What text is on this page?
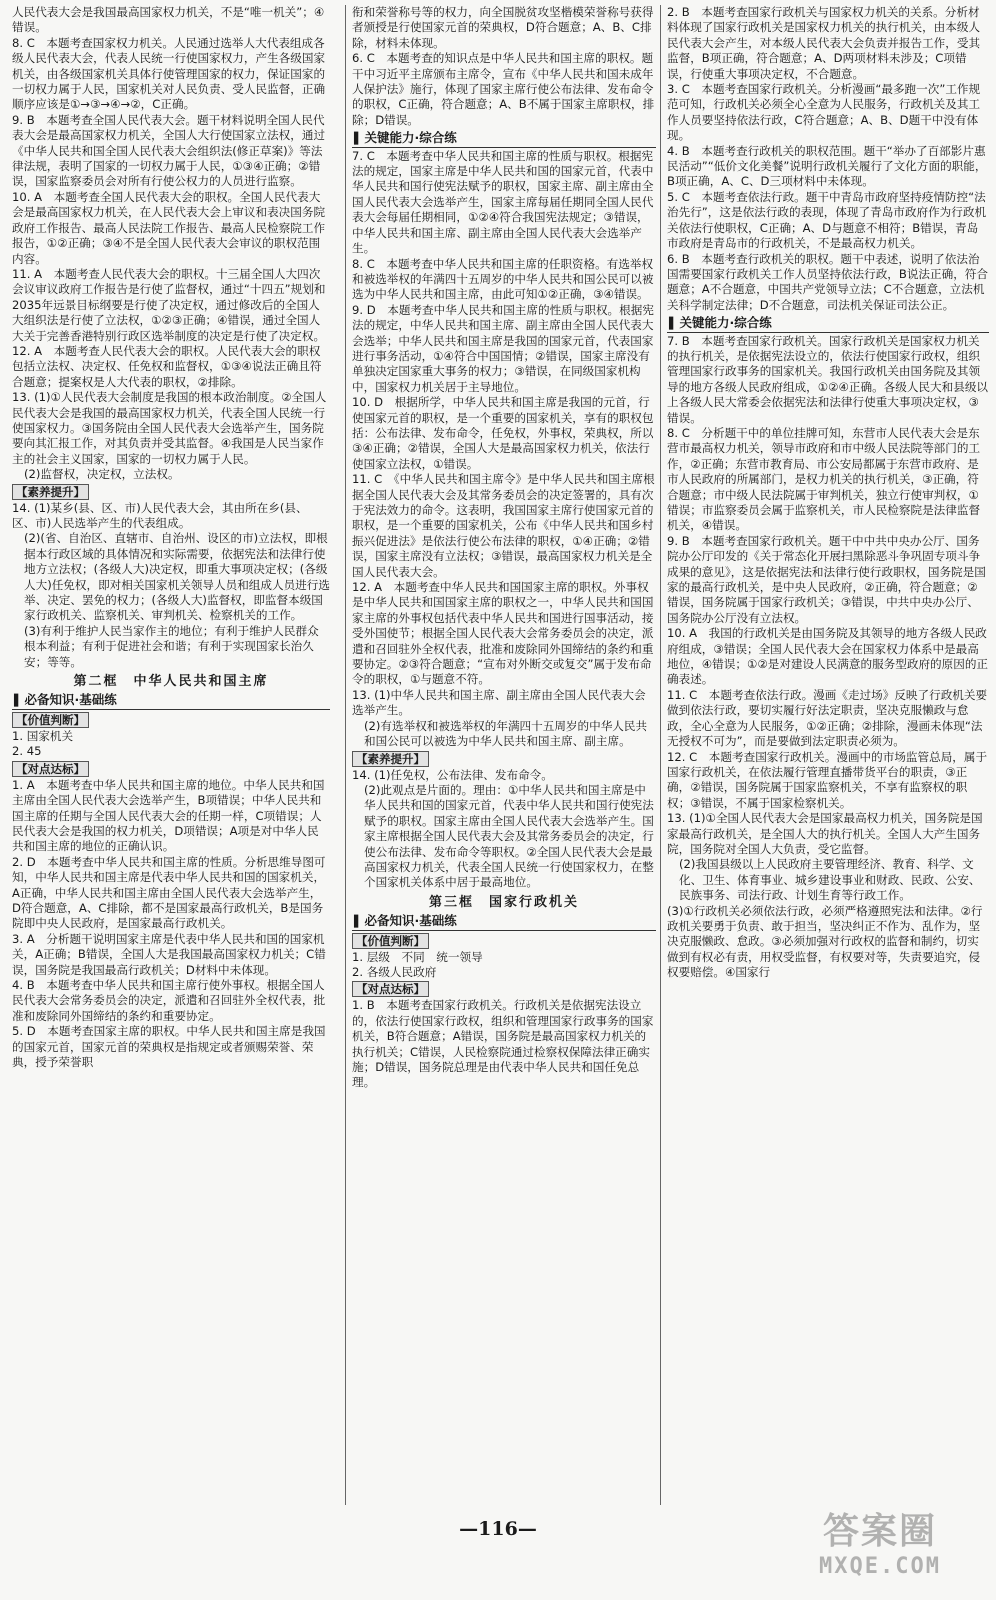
人民代表大会是我国最高国家权力机关，不是“唯一机关”；④错误。

8. C　本题考查国家权力机关。人民通过选举人大代表组成各级人民代表大会，代表人民统一行使国家权力，产生各级国家机关，由各级国家机关具体行使管理国家的权力，保证国家的一切权力属于人民，国家机关对人民负责、受人民监督，正确顺序应该是①→③→④→②，C正确。

9. B　本题考查全国人民代表大会。题干材料说明全国人民代表大会是最高国家权力机关，全国人大行使国家立法权，通过《中华人民共和国全国人民代表大会组织法(修正草案)》等法律法规，表明了国家的一切权力属于人民，①③④正确；②错误，国家监察委员会对所有行使公权力的人员进行监察。

10. A　本题考查全国人民代表大会的职权。全国人民代表大会是最高国家权力机关，在人民代表大会上审议和表决国务院政府工作报告、最高人民法院工作报告、最高人民检察院工作报告，①②正确；③④不是全国人民代表大会审议的职权范围内容。

11. A　本题考查人民代表大会的职权。十三届全国人大四次会议审议政府工作报告是行使了监督权，通过“十四五”规划和2035年远景目标纲要是行使了决定权，通过修改后的全国人大组织法是行使了立法权，①②③正确；④错误，通过全国人大关于完善香港特别行政区选举制度的决定是行使了决定权。

12. A　本题考查人民代表大会的职权。人民代表大会的职权包括立法权、决定权、任免权和监督权，①③④说法正确且符合题意；提案权是人大代表的职权，②排除。

13. (1)①人民代表大会制度是我国的根本政治制度。②全国人民代表大会是我国的最高国家权力机关，代表全国人民统一行使国家权力。③国务院由全国人民代表大会选举产生，国务院要向其汇报工作，对其负责并受其监督。④我国是人民当家作主的社会主义国家，国家的一切权力属于人民。

(2)监督权，决定权，立法权。

【素养提升】

14. (1)某乡(县、区、市)人民代表大会，其由所在乡(县、区、市)人民选举产生的代表组成。

(2)(省、自治区、直辖市、自治州、设区的市)立法权，即根据本行政区域的具体情况和实际需要，依据宪法和法律行使地方立法权；(各级人大)决定权，即重大事项决定权；(各级人大)任免权，即对相关国家机关领导人员和组成人员进行选举、决定、罢免的权力；(各级人大)监督权，即监督本级国家行政机关、监察机关、审判机关、检察机关的工作。

(3)有利于维护人民当家作主的地位；有利于维护人民群众根本利益；有利于促进社会和谐；有利于实现国家长治久安；等等。

第二框　中华人民共和国主席
▌ 必备知识·基础练
【价值判断】

1. 国家机关

2. 45

【对点达标】

1. A　本题考查中华人民共和国主席的地位。中华人民共和国主席由全国人民代表大会选举产生，B项错误；中华人民共和国主席的任期与全国人民代表大会的任期一样，C项错误；人民代表大会是我国的权力机关，D项错误；A项是对中华人民共和国主席的地位的正确认识。

2. D　本题考查中华人民共和国主席的性质。分析思维导图可知，中华人民共和国主席是代表中华人民共和国的国家机关，A正确，中华人民共和国主席由全国人民代表大会选举产生，D符合题意，A、C排除，都不是国家最高行政机关，B是国务院即中央人民政府，是国家最高行政机关。

3. A　分析题干说明国家主席是代表中华人民共和国的国家机关，A正确；B错误，全国人大是我国最高国家权力机关；C错误，国务院是我国最高行政机关；D材料中未体现。

4. B　本题考查中华人民共和国主席行使外事权。根据全国人民代表大会常务委员会的决定，派遣和召回驻外全权代表，批准和废除同外国缔结的条约和重要协定。

5. D　本题考查国家主席的职权。中华人民共和国主席是我国的国家元首，国家元首的荣典权是指规定或者颁赐荣誉、荣典，授予荣誉职

衔和荣誉称号等的权力，向全国脱贫攻坚楷模荣誉称号获得者颁授是行使国家元首的荣典权，D符合题意；A、B、C排除，材料未体现。

6. C　本题考查的知识点是中华人民共和国主席的职权。题干中习近平主席颁布主席令，宣布《中华人民共和国未成年人保护法》施行，体现了国家主席行使公布法律、发布命令的职权，C正确，符合题意；A、B不属于国家主席职权，排除；D错误。

▌ 关键能力·综合练

7. C　本题考查中华人民共和国主席的性质与职权。根据宪法的规定，国家主席是中华人民共和国的国家元首，代表中华人民共和国行使宪法赋予的职权，国家主席、副主席由全国人民代表大会选举产生，国家主席每届任期同全国人民代表大会每届任期相同，①②④符合我国宪法规定；③错误，中华人民共和国主席、副主席由全国人民代表大会选举产生。

8. C　本题考查中华人民共和国主席的任职资格。有选举权和被选举权的年满四十五周岁的中华人民共和国公民可以被选为中华人民共和国主席，由此可知①②正确，③④错误。

9. D　本题考查中华人民共和国主席的性质与职权。根据宪法的规定，中华人民共和国主席、副主席由全国人民代表大会选举；中华人民共和国主席是我国的国家元首，代表国家进行事务活动，①④符合中国国情；②错误，国家主席没有单独决定国家重大事务的权力；③错误，在同级国家机构中，国家权力机关居于主导地位。

10. D　根据所学，中华人民共和国主席是我国的元首，行使国家元首的职权，是一个重要的国家机关，享有的职权包括：公布法律、发布命令，任免权，外事权，荣典权，所以③④正确；②错误，全国人大是最高国家权力机关，依法行使国家立法权，①错误。

11. C　《中华人民共和国主席令》是中华人民共和国主席根据全国人民代表大会及其常务委员会的决定签署的，具有次于宪法效力的命令。这表明，我国国家主席行使国家元首的职权，是一个重要的国家机关，公布《中华人民共和国乡村振兴促进法》是依法行使公布法律的职权，①④正确；②错误，国家主席没有立法权；③错误，最高国家权力机关是全国人民代表大会。

12. A　本题考查中华人民共和国国家主席的职权。外事权是中华人民共和国国家主席的职权之一，中华人民共和国国家主席的外事权包括代表中华人民共和国进行国事活动，接受外国使节；根据全国人民代表大会常务委员会的决定，派遣和召回驻外全权代表，批准和废除同外国缔结的条约和重要协定。②③符合题意；“宣布对外断交或复交”属于发布命令的职权，①与题意不符。

13. (1)中华人民共和国主席、副主席由全国人民代表大会选举产生。

(2)有选举权和被选举权的年满四十五周岁的中华人民共和国公民可以被选为中华人民共和国主席、副主席。

【素养提升】

14. (1)任免权，公布法律、发布命令。

(2)此观点是片面的。理由：①中华人民共和国主席是中华人民共和国的国家元首，代表中华人民共和国行使宪法赋予的职权。国家主席由全国人民代表大会选举产生。国家主席根据全国人民代表大会及其常务委员会的决定，行使公布法律、发布命令等职权。②全国人民代表大会是最高国家权力机关，代表全国人民统一行使国家权力，在整个国家机关体系中居于最高地位。

第三框　国家行政机关
▌ 必备知识·基础练
【价值判断】

1. 层级　不同　统一领导

2. 各级人民政府

【对点达标】

1. B　本题考查国家行政机关。行政机关是依据宪法设立的，依法行使国家行政权，组织和管理国家行政事务的国家机关，B符合题意；A错误，国务院是最高国家权力机关的执行机关；C错误，人民检察院通过检察权保障法律正确实施；D错误，国务院总理是由代表中华人民共和国任免总理。

2. B　本题考查国家行政机关与国家权力机关的关系。分析材料体现了国家行政机关是国家权力机关的执行机关，由本级人民代表大会产生，对本级人民代表大会负责并报告工作，受其监督，B项正确，符合题意；A、D两项材料未涉及；C项错误，行使重大事项决定权，不合题意。

3. C　本题考查国家行政机关。分析漫画“最多跑一次”工作规范可知，行政机关必须全心全意为人民服务，行政机关及其工作人员要坚持依法行政，C符合题意；A、B、D题干中没有体现。

4. B　本题考查行政机关的职权范围。题干“举办了百部影片惠民活动”“低价文化美餐”说明行政机关履行了文化方面的职能，B项正确，A、C、D三项材料中未体现。

5. C　本题考查依法行政。题干中青岛市政府坚持疫情防控“法治先行”，这是依法行政的表现，体现了青岛市政府作为行政机关依法行使职权，C正确；A、D与题意不相符；B错误，青岛市政府是青岛市的行政机关，不是最高权力机关。

6. B　本题考查行政机关的职权。题干中表述，说明了依法治国需要国家行政机关工作人员坚持依法行政，B说法正确，符合题意；A不合题意，中国共产党领导立法；C不合题意，立法机关科学制定法律；D不合题意，司法机关保证司法公正。

▌ 关键能力·综合练

7. B　本题考查国家行政机关。国家行政机关是国家权力机关的执行机关，是依据宪法设立的，依法行使国家行政权，组织管理国家行政事务的国家机关。我国行政机关由国务院及其领导的地方各级人民政府组成，①②④正确。各级人民大和县级以上各级人民大常委会依据宪法和法律行使重大事项决定权，③错误。

8. C　分析题干中的单位挂牌可知，东营市人民代表大会是东营市最高权力机关，领导市政府和市中级人民法院等部门的工作，②正确；东营市教育局、市公安局都属于东营市政府、是市人民政府的所属部门，是权力机关的执行机关，③正确，符合题意；市中级人民法院属于审判机关，独立行使审判权，①错误；市监察委员会属于监察机关，市人民检察院是法律监督机关，④错误。

9. B　本题考查国家行政机关。题干中中共中央办公厅、国务院办公厅印发的《关于常态化开展扫黑除恶斗争巩固专项斗争成果的意见》，这是依据宪法和法律行使行政职权，国务院是国家的最高行政机关，是中央人民政府，②正确，符合题意；②错误，国务院属于国家行政机关；③错误，中共中央办公厅、国务院办公厅没有立法权。

10. A　我国的行政机关是由国务院及其领导的地方各级人民政府组成，③错误；全国人民代表大会在国家权力体系中是最高地位，④错误；①②是对建设人民满意的服务型政府的原因的正确表述。

11. C　本题考查依法行政。漫画《走过场》反映了行政机关要做到依法行政，要切实履行好法定职责，坚决克服懒政与怠政，全心全意为人民服务，①②正确；②排除，漫画未体现“法无授权不可为”，而是要做到法定职责必须为。

12. C　本题考查国家行政机关。漫画中的市场监管总局，属于国家行政机关，在依法履行管理直播带货平台的职责，③正确，②错误，国务院属于国家监察机关，不享有监察权的职权；③错误，不属于国家检察机关。

13. (1)①全国人民代表大会是国家最高权力机关，国务院是国家最高行政机关，是全国人大的执行机关。全国人大产生国务院，国务院对全国人大负责，受它监督。

(2)我国县级以上人民政府主要管理经济、教育、科学、文化、卫生、体育事业、城乡建设事业和财政、民政、公安、民族事务、司法行政、计划生育等行政工作。

(3)①行政机关必须依法行政，必须严格遵照宪法和法律。②行政机关要勇于负责、敢于担当，坚决纠正不作为、乱作为，坚决克服懒政、怠政。③必须加强对行政权的监督和制约，切实做到有权必有责，用权受监督，有权要对等，失责要追究，侵权要赔偿。④国家行

—116—	答案圈
MXQE.COM
